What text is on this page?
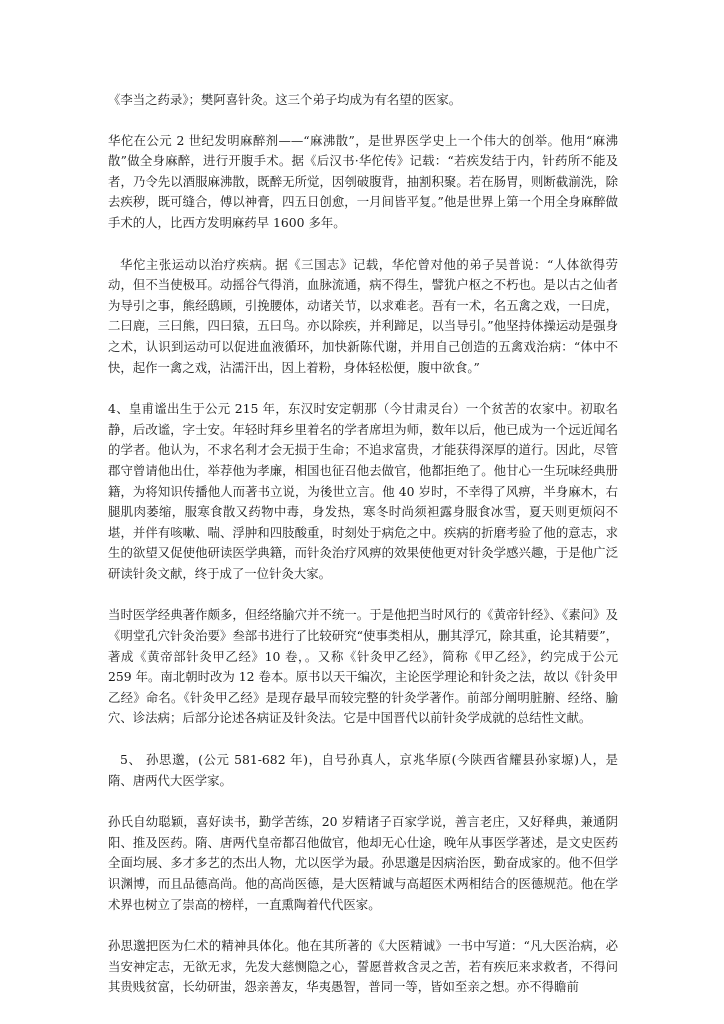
《李当之药录》；樊阿喜针灸。这三个弟子均成为有名望的医家。

华佗在公元 2 世纪发明麻醉剂——“麻沸散”，是世界医学史上一个伟大的创举。他用“麻沸散”做全身麻醉，进行开腹手术。据《后汉书·华佗传》记载：“若疾发结于内，针药所不能及者，乃令先以酒服麻沸散，既醉无所觉，因刳破腹背，抽割积聚。若在肠胃，则断截湔洗，除去疾秽，既可缝合，傅以神膏，四五日创愈，一月间皆平复。”他是世界上第一个用全身麻醉做手术的人，比西方发明麻药早 1600 多年。

华佗主张运动以治疗疾病。据《三国志》记载，华佗曾对他的弟子吴普说：“人体欲得劳动，但不当使极耳。动摇谷气得消，血脉流通，病不得生，譬犹户枢之不朽也。是以古之仙者为导引之事，熊经鸱顾，引挽腰体，动诸关节，以求难老。吾有一术，名五禽之戏，一曰虎，二曰鹿，三曰熊，四曰猿，五曰鸟。亦以除疾，并利蹄足，以当导引。”他坚持体操运动是强身之术，认识到运动可以促进血液循环，加快新陈代谢，并用自己创造的五禽戏治病：“体中不快，起作一禽之戏，沾濡汗出，因上着粉，身体轻松便，腹中欲食。”

4、皇甫谧出生于公元 215 年，东汉时安定朝那（今甘肃灵台）一个贫苦的农家中。初取名静，后改谧，字士安。年轻时拜乡里着名的学者席坦为师，数年以后，他已成为一个远近闻名的学者。他认为，不求名利才会无损于生命；不追求富贵，才能获得深厚的道行。因此，尽管郡守曾请他出仕，举荐他为孝廉，相国也征召他去做官，他都拒绝了。他甘心一生玩味经典册籍，为将知识传播他人而著书立说，为後世立言。他 40 岁时，不幸得了风痹，半身麻木，右腿肌肉萎缩，服寒食散又药物中毒，身发热，寒冬时尚须袒露身服食冰雪，夏天则更烦闷不堪，并伴有咳嗽、喘、浮肿和四肢酸重，时刻处于病危之中。疾病的折磨考验了他的意志，求生的欲望又促使他研读医学典籍，而针灸治疗风痹的效果使他更对针灸学感兴趣，于是他广泛研读针灸文献，终于成了一位针灸大家。

当时医学经典著作颇多，但经络腧穴并不统一。于是他把当时风行的《黄帝针经》、《素问》及《明堂孔穴针灸治要》叁部书进行了比较研究“使事类相从，删其浮冗，除其重，论其精要”，著成《黄帝部针灸甲乙经》10 卷，。又称《针灸甲乙经》，简称《甲乙经》，约完成于公元 259 年。南北朝时改为 12 卷本。原书以天干编次，主论医学理论和针灸之法，故以《针灸甲乙经》命名。《针灸甲乙经》是现存最早而较完整的针灸学著作。前部分阐明脏腑、经络、腧穴、诊法病；后部分论述各病证及针灸法。它是中国晋代以前针灸学成就的总结性文献。

5、 孙思邈，(公元 581-682 年)，自号孙真人，京兆华原(今陕西省耀县孙家塬)人，是隋、唐两代大医学家。

孙氏自幼聪颖，喜好读书，勤学苦练，20 岁精诸子百家学说，善言老庄，又好释典，兼通阴阳、推及医药。隋、唐两代皇帝都召他做官，他却无心仕途，晚年从事医学著述，是文史医药全面均展、多才多艺的杰出人物，尤以医学为最。孙思邈是因病治医，勤奋成家的。他不但学识渊博，而且品德高尚。他的高尚医德，是大医精诚与高超医术两相结合的医德规范。他在学术界也树立了崇高的榜样，一直熏陶着代代医家。

孙思邈把医为仁术的精神具体化。他在其所著的《大医精诚》一书中写道：“凡大医治病，必当安神定志，无欲无求，先发大慈恻隐之心，誓愿普救含灵之苦，若有疾厄来求救者，不得问其贵贱贫富，长幼研蚩，怨亲善友，华夷愚智，普同一等，皆如至亲之想。亦不得瞻前
